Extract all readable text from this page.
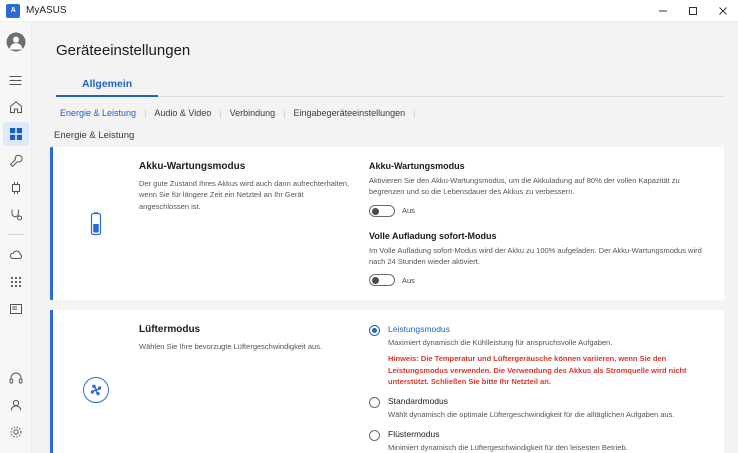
A	MyASUS
Geräteeinstellungen
Allgemein
Energie & Leistung | Audio & Video | Verbindung | Eingabegeräteeinstellungen |
Energie & Leistung
Akku-Wartungsmodus

Der gute Zustand Ihres Akkus wird auch dann aufrechterhalten, wenn Sie für längere Zeit ein Netzteil an Ihr Gerät angeschlossen ist.

Akku-Wartungsmodus
Aktivieren Sie den Akku-Wartungsmodus, um die Akkuladung auf 80% der vollen Kapazität zu begrenzen und so die Lebensdauer des Akkus zu verbessern.
Aus
Volle Aufladung sofort-Modus
Im Volle Aufladung sofort-Modus wird der Akku zu 100% aufgeladen. Der Akku-Wartungsmodus wird nach 24 Stunden wieder aktiviert.
Aus
Lüftermodus

Wählen Sie Ihre bevorzugte Lüftergeschwindigkeit aus.

Leistungsmodus
Maximiert dynamisch die Kühlleistung für anspruchsvolle Aufgaben.
Hinweis: Die Temperatur und Lüftergeräusche können variieren, wenn Sie den Leistungsmodus verwenden. Die Verwendung des Akkus als Stromquelle wird nicht unterstützt. Schließen Sie bitte Ihr Netzteil an.
Standardmodus
Wählt dynamisch die optimale Lüftergeschwindigkeit für die alltäglichen Aufgaben aus.
Flüstermodus
Minimiert dynamisch die Lüftergeschwindigkeit für den leisesten Betrieb.
